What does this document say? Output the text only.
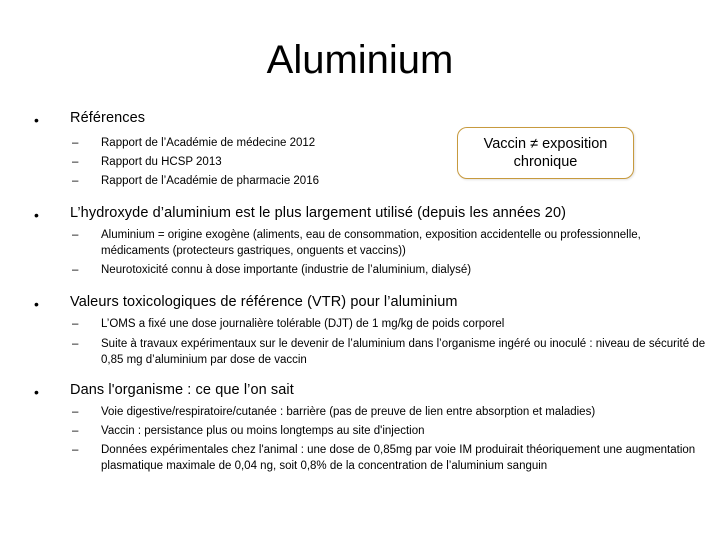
Aluminium
• Références
–	Rapport de l’Académie de médecine 2012
–	Rapport du HCSP 2013
–	Rapport de l’Académie de pharmacie 2016
Vaccin ≠ exposition
chronique
• L’hydroxyde d’aluminium est le plus largement utilisé (depuis les années 20)
–	Aluminium = origine exogène (aliments, eau de consommation, exposition accidentelle ou professionnelle, médicaments (protecteurs gastriques, onguents et vaccins))
–	Neurotoxicité connu à dose importante (industrie de l’aluminium, dialysé)
• Valeurs toxicologiques de référence (VTR) pour l’aluminium
–	L’OMS a fixé une dose journalière tolérable (DJT) de 1 mg/kg de poids corporel
–	Suite à travaux expérimentaux sur le devenir de l’aluminium dans l’organisme ingéré ou inoculé : niveau de sécurité de 0,85 mg d’aluminium par dose de vaccin
• Dans l'organisme : ce que l’on sait
–	Voie digestive/respiratoire/cutanée : barrière (pas de preuve de lien entre absorption et maladies)
–	Vaccin : persistance plus ou moins longtemps au site d'injection
–	Données expérimentales chez l'animal : une dose de 0,85mg par voie IM produirait théoriquement une augmentation plasmatique maximale de 0,04 ng, soit 0,8% de la concentration de l’aluminium sanguin
